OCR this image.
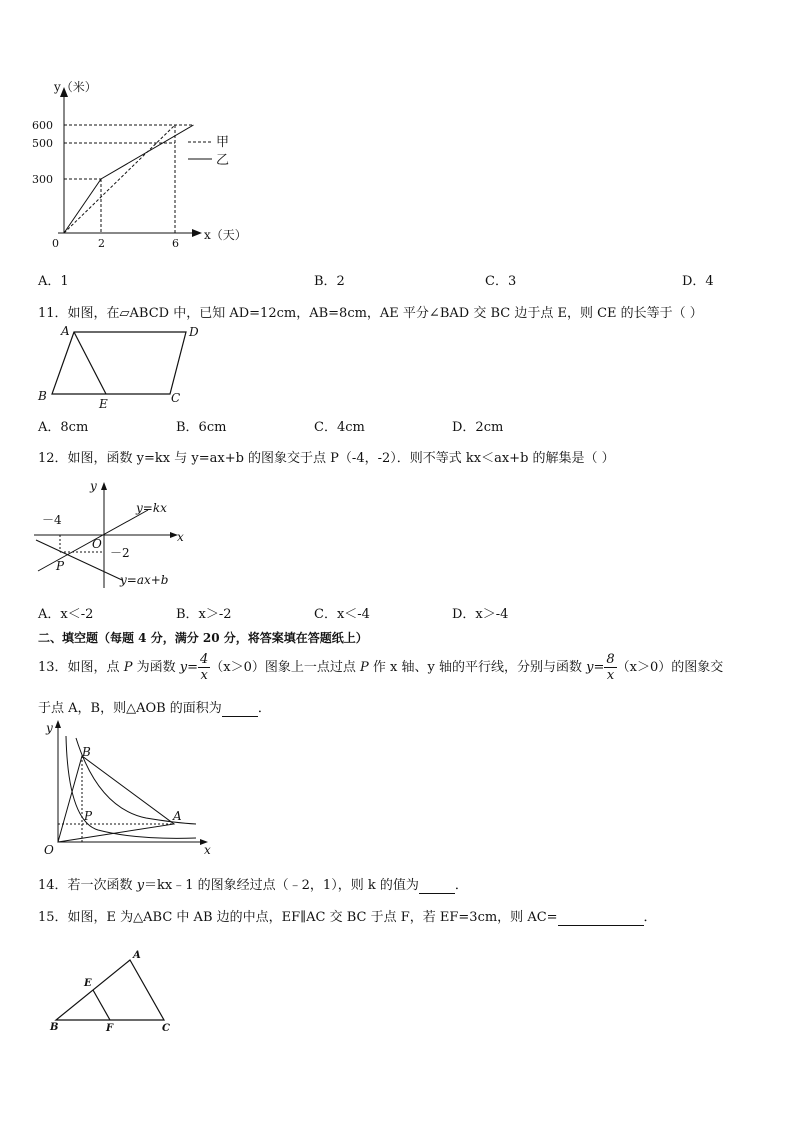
y（米）
x（天）
300
500
600
0	2	6
甲
乙
A．1	B．2	C．3	D．4
11．如图，在▱ABCD 中，已知 AD=12cm，AB=8cm，AE 平分∠BAD 交 BC 边于点 E，则 CE 的长等于（ ）
A	D
B
E	C
A．8cm	B．6cm	C．4cm	D．2cm
12．如图，函数 y=kx 与 y=ax+b 的图象交于点 P（-4，-2）．则不等式 kx＜ax+b 的解集是（ ）
y
x
O
y=kx
y=ax+b
－4
－2
P
A．x＜-2	B．x＞-2	C．x＜-4	D．x＞-4
二、填空题（每题 4 分，满分 20 分，将答案填在答题纸上）
13．如图，点 P 为函数 $y= \frac{4}{x} (x>0)$图象上一点过点 P 作 x 轴、y 轴的平行线，分别与函数 $y= \frac{8}{x} (x>0)$的图象交
于点 A，B，则△AOB 的面积为	．
y
x
O
B
P	A
14．若一次函数 y＝kx﹣1 的图象经过点（﹣2，1），则 k 的值为	．
15．如图，E 为△ABC 中 AB 边的中点，EF∥AC 交 BC 于点 F，若 EF=3cm，则 AC=	．
A
E
B	F	C
